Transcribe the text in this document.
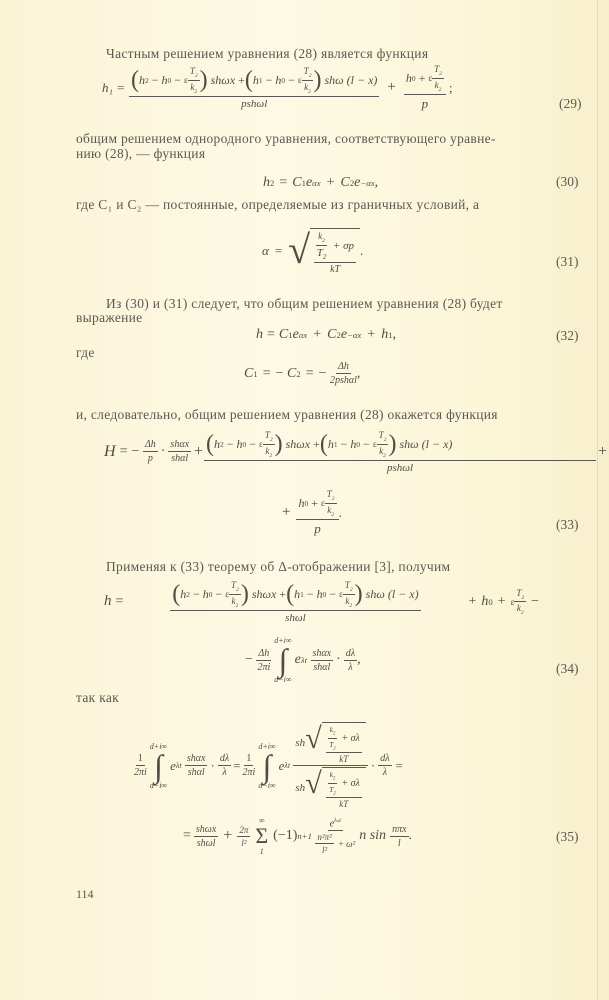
Частным решением уравнения (28) является функция
h₁ = ( h 2
−
h 0
−
ε $\frac{T_2}{k_2}$ ) shωx + ( h 1
−
h 0
−
ε $\frac{T_2}{k_2}$ ) shω
(l − x)
pshωl
+ h 0
+
ε $\frac{T_2}{k_2}$
p ;
(29)
общим решением однородного уравнения, соответствующего уравне-
нию (28), — функция
h 2 = C 1 e αx + C 2 e −αx ,	(30)
где C₁ и C₂ — постоянные, определяемые из граничных условий, а
α = √ $\frac{\frac{k_2}{T_2} + \sigma p}{kT}$ .
(31)
Из (30) и (31) следует, что общим решением уравнения (28) будет
выражение
h = C 1 e αx + C 2 e −αx + h 1 ,	(32)
где
C 1 = −
C 2 = −
$\frac{\Delta h}{\text{2pshαl}}$ ,
и, следовательно, общим решением уравнения (28) окажется функция
H = −
$\frac{\Delta h}{p} \cdot \frac{\text{shαx}}{\text{shαl}}$ + ( h 2
−
h 0
−
ε $\frac{T_2}{k_2}$ ) shωx + ( h 1
−
h 0
−
ε $\frac{T_2}{k_2}$ ) shω
(l − x)
pshωl
+
+ h 0
+
ε $\frac{T_2}{k_2}$
p .
(33)
Применяя к (33) теорему об Δ-отображении [3], получим
h = ( h 2
−
h 0
−
ε $\frac{T_2}{k_2}$ ) shωx + ( h 1
−
h 0
−
ε $\frac{T_2}{k_2}$ ) shω
(l − x)
shωl
+ h 0 + ε $\frac{T_2}{k_2}$ −
−
$\frac{\Delta h}{2\pi i}$
d+i∞
∫
d−i∞
e λt
$\frac{\text{shαx}}{\text{shαl}} \cdot \frac{d\lambda}{\lambda}$ ,
(34)
так как
$\frac{1}{2\pi i}$
d+i∞
∫
d−i∞
e λt
$\frac{\text{shαx}}{\text{shαl}} \cdot \frac{d\lambda}{\lambda} = \frac{1}{2\pi i}$
d+i∞
∫
d−i∞
e λt

sh √ $\frac{\frac{k_2}{T_2} + \sigma\lambda}{kT}$
sh √ $\frac{\frac{k_2}{T_2} + \sigma\lambda}{kT}$
· $\frac{d\lambda}{\lambda}$ =
= $\frac{\text{shωx}}{\text{shωl}} + \frac{2\pi}{\text{l²}}$
∞
Σ
1
(−1) n+1
$\frac{e^{\lambda_nt}}{\frac{\text{n²π²}}{\text{l²}} + \omega^2}$ n $\sin \frac{\text{nπx}}{l}$ .	(35)
114
